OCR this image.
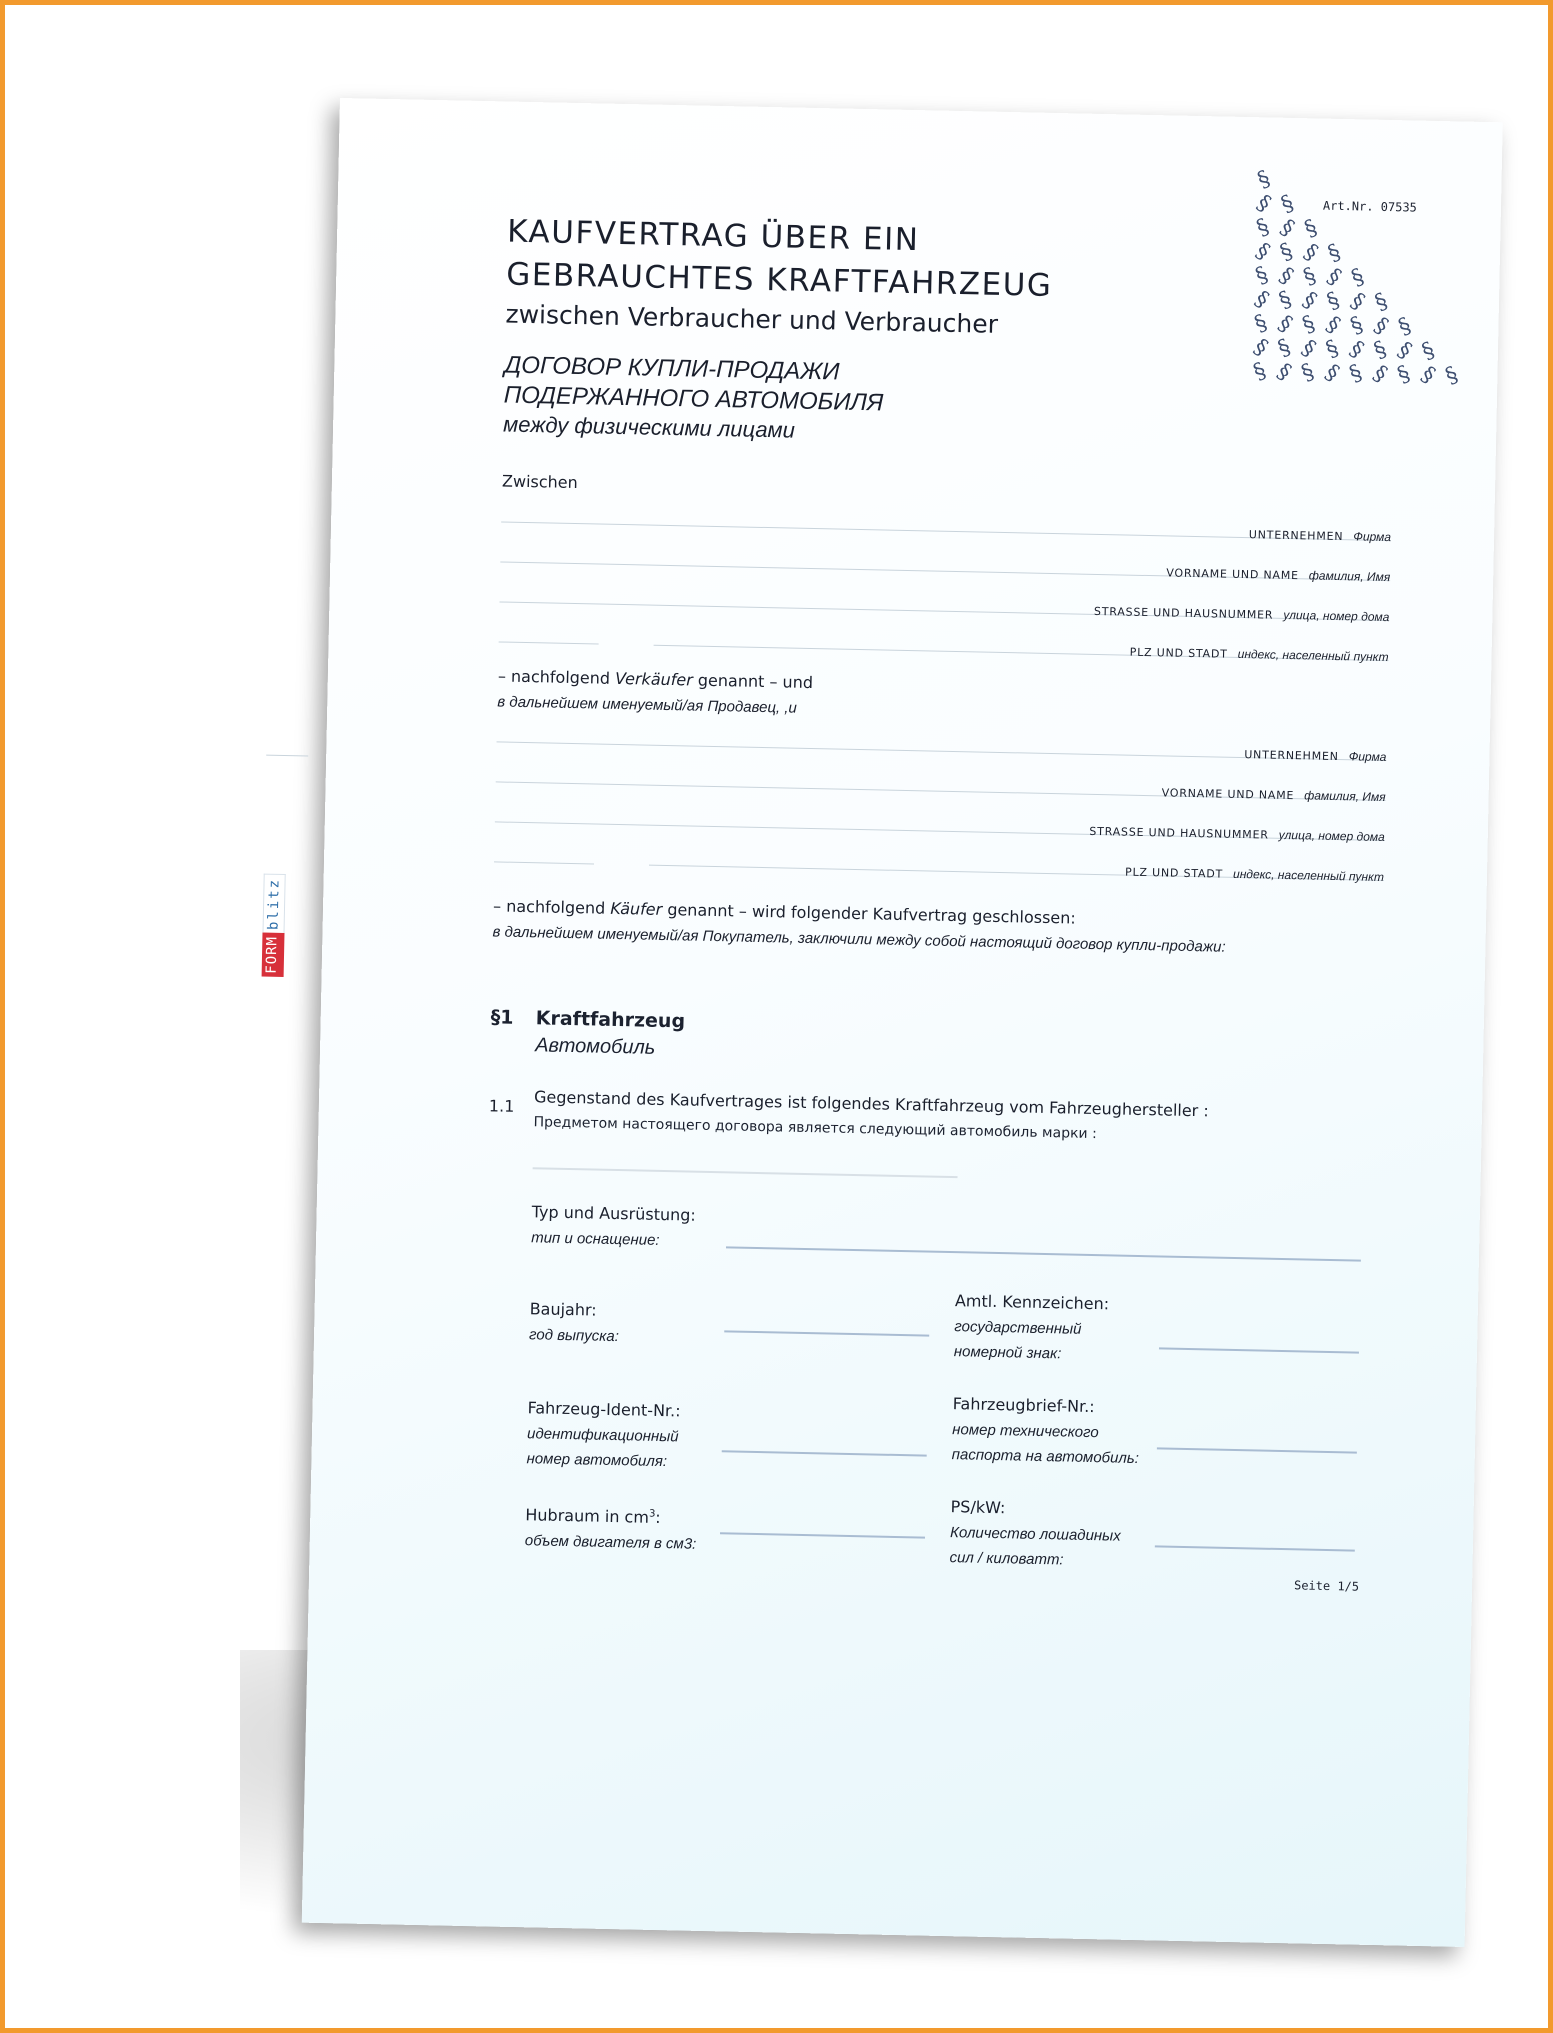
§
§ §
§ § §
§ § § §
§ § § § §
§ § § § § §
§ § § § § § §
§ § § § § § § §
§ § § § § § § § §
Art.Nr. 07535
KAUFVERTRAG ÜBER EIN
GEBRAUCHTES KRAFTFAHRZEUG
zwischen Verbraucher und Verbraucher
ДОГОВОР КУПЛИ-ПРОДАЖИ
ПОДЕРЖАННОГО АВТОМОБИЛЯ
между физическими лицами
Zwischen
UNTERNEHMEN Фирма
VORNAME UND NAME фамилия, Имя
STRASSE UND HAUSNUMMER улица, номер дома
PLZ UND STADT индекс, населенный пункт
– nachfolgend Verkäufer genannt – und
в дальнейшем именуемый/ая Продавец, ,и
UNTERNEHMEN Фирма
VORNAME UND NAME фамилия, Имя
STRASSE UND HAUSNUMMER улица, номер дома
PLZ UND STADT индекс, населенный пункт
– nachfolgend Käufer genannt – wird folgender Kaufvertrag geschlossen:
в дальнейшем именуемый/ая Покупатель, заключили между собой настоящий договор купли-продажи:
FORM
blitz
§1 Kraftfahrzeug
Автомобиль
1.1 Gegenstand des Kaufvertrages ist folgendes Kraftfahrzeug vom Fahrzeughersteller :
Предметом настоящего договора является следующий автомобиль марки :
Typ und Ausrüstung:
тип и оснащение:
Baujahr:
год выпуска:
Amtl. Kennzeichen:
государственный
номерной знак:
Fahrzeug-Ident-Nr.:
идентификационный
номер автомобиля:
Fahrzeugbrief-Nr.:
номер технического
паспорта на автомобиль:
Hubraum in $cm^3$:
объем двигателя в см3:
PS/kW:
Количество лошадиных
сил / киловатт:
Seite 1/5
